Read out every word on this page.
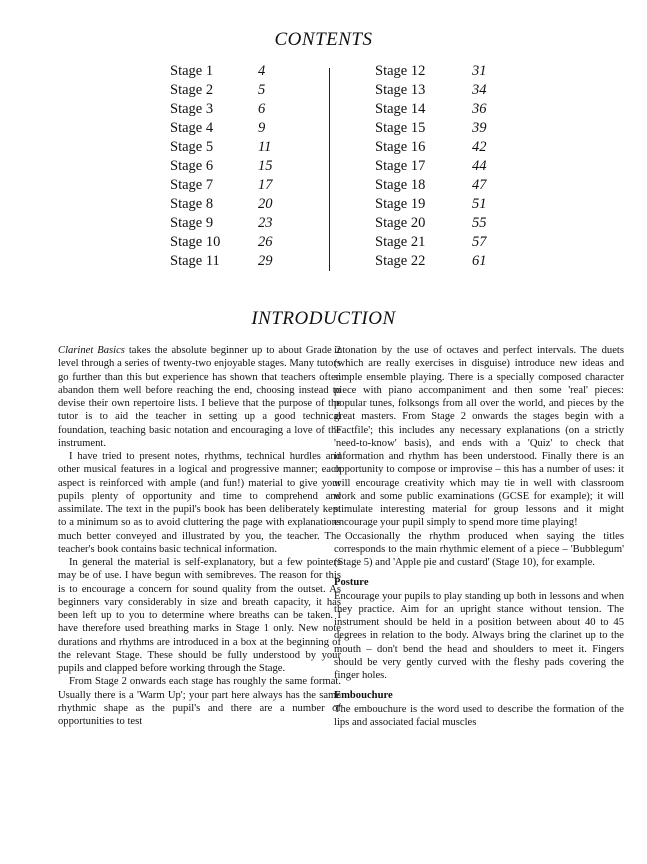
CONTENTS
Stage 1	4
Stage 2	5
Stage 3	6
Stage 4	9
Stage 5	11
Stage 6	15
Stage 7	17
Stage 8	20
Stage 9	23
Stage 10	26
Stage 11	29
Stage 12	31
Stage 13	34
Stage 14	36
Stage 15	39
Stage 16	42
Stage 17	44
Stage 18	47
Stage 19	51
Stage 20	55
Stage 21	57
Stage 22	61
INTRODUCTION

Clarinet Basics takes the absolute beginner up to about Grade 2 level through a series of twenty-two enjoyable stages. Many tutors go further than this but experience has shown that teachers often abandon them well before reaching the end, choosing instead to devise their own repertoire lists. I believe that the purpose of the tutor is to aid the teacher in setting up a good technical foundation, teaching basic notation and encouraging a love of the instrument.

I have tried to present notes, rhythms, technical hurdles and other musical features in a logical and progressive manner; each aspect is reinforced with ample (and fun!) material to give your pupils plenty of opportunity and time to comprehend and assimilate. The text in the pupil's book has been deliberately kept to a minimum so as to avoid cluttering the page with explanations much better conveyed and illustrated by you, the teacher. The teacher's book contains basic technical information.

In general the material is self-explanatory, but a few pointers may be of use. I have begun with semibreves. The reason for this is to encourage a concern for sound quality from the outset. As beginners vary considerably in size and breath capacity, it has been left up to you to determine where breaths can be taken. I have therefore used breathing marks in Stage 1 only. New note durations and rhythms are introduced in a box at the beginning of the relevant Stage. These should be fully understood by your pupils and clapped before working through the Stage.

From Stage 2 onwards each stage has roughly the same format. Usually there is a 'Warm Up'; your part here always has the same rhythmic shape as the pupil's and there are a number of opportunities to test

intonation by the use of octaves and perfect intervals. The duets (which are really exercises in disguise) introduce new ideas and simple ensemble playing. There is a specially composed character piece with piano accompaniment and then some 'real' pieces: popular tunes, folksongs from all over the world, and pieces by the great masters. From Stage 2 onwards the stages begin with a 'Factfile'; this includes any necessary explanations (on a strictly 'need-to-know' basis), and ends with a 'Quiz' to check that information and rhythm has been understood. Finally there is an opportunity to compose or improvise – this has a number of uses: it will encourage creativity which may tie in well with classroom work and some public examinations (GCSE for example); it will stimulate interesting material for group lessons and it might encourage your pupil simply to spend more time playing!

Occasionally the rhythm produced when saying the titles corresponds to the main rhythmic element of a piece – 'Bubblegum' (Stage 5) and 'Apple pie and custard' (Stage 10), for example.

Posture

Encourage your pupils to play standing up both in lessons and when they practice. Aim for an upright stance without tension. The instrument should be held in a position between about 40 to 45 degrees in relation to the body. Always bring the clarinet up to the mouth – don't bend the head and shoulders to meet it. Fingers should be very gently curved with the fleshy pads covering the finger holes.

Embouchure

The embouchure is the word used to describe the formation of the lips and associated facial muscles
